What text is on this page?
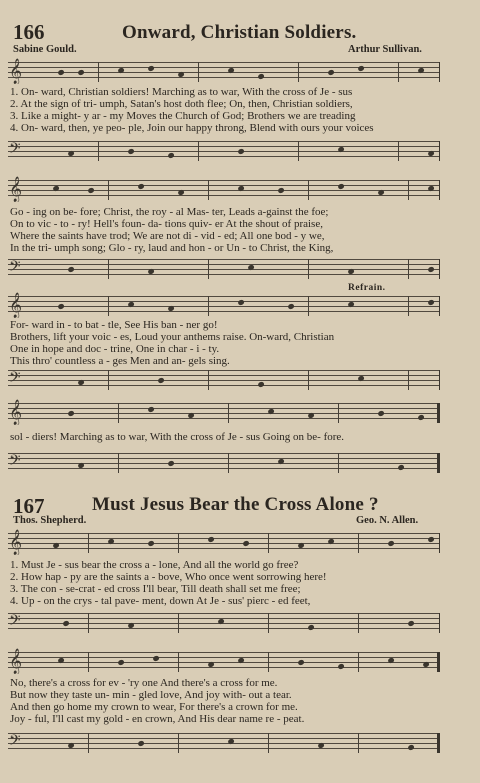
166	Onward, Christian Soldiers.
Sabine Gould.	Arthur Sullivan.
𝄞
1. On- ward, Christian soldiers! Marching as to war, With the cross of Je - sus
2. At the sign of tri- umph, Satan's host doth flee; On, then, Christian soldiers,
3. Like a might- y ar - my Moves the Church of God; Brothers we are treading
4. On- ward, then, ye peo- ple, Join our happy throng, Blend with ours your voices
𝄢
𝄞
Go - ing on be- fore; Christ, the roy - al Mas- ter, Leads a-gainst the foe;
On to vic - to - ry! Hell's foun- da- tions quiv- er At the shout of praise,
Where the saints have trod; We are not di - vid - ed; All one bod - y we,
In the tri- umph song; Glo - ry, laud and hon - or Un - to Christ, the King,
𝄢
Refrain.
𝄞
For- ward in - to bat - tle, See His ban - ner go!
Brothers, lift your voic - es, Loud your anthems raise. On-ward, Christian
One in hope and doc - trine, One in char - i - ty.
This thro' countless a - ges Men and an- gels sing.
𝄢
𝄞
sol - diers! Marching as to war, With the cross of Je - sus Going on be- fore.
𝄢
167	Must Jesus Bear the Cross Alone ?
Thos. Shepherd.	Geo. N. Allen.
𝄞
1. Must Je - sus bear the cross a - lone, And all the world go free?
2. How hap - py are the saints a - bove, Who once went sorrowing here!
3. The con - se-crat - ed cross I'll bear, Till death shall set me free;
4. Up - on the crys - tal pave- ment, down At Je - sus' pierc - ed feet,
𝄢
𝄞
No, there's a cross for ev - 'ry one And there's a cross for me.
But now they taste un- min - gled love, And joy with- out a tear.
And then go home my crown to wear, For there's a crown for me.
Joy - ful, I'll cast my gold - en crown, And His dear name re - peat.
𝄢
